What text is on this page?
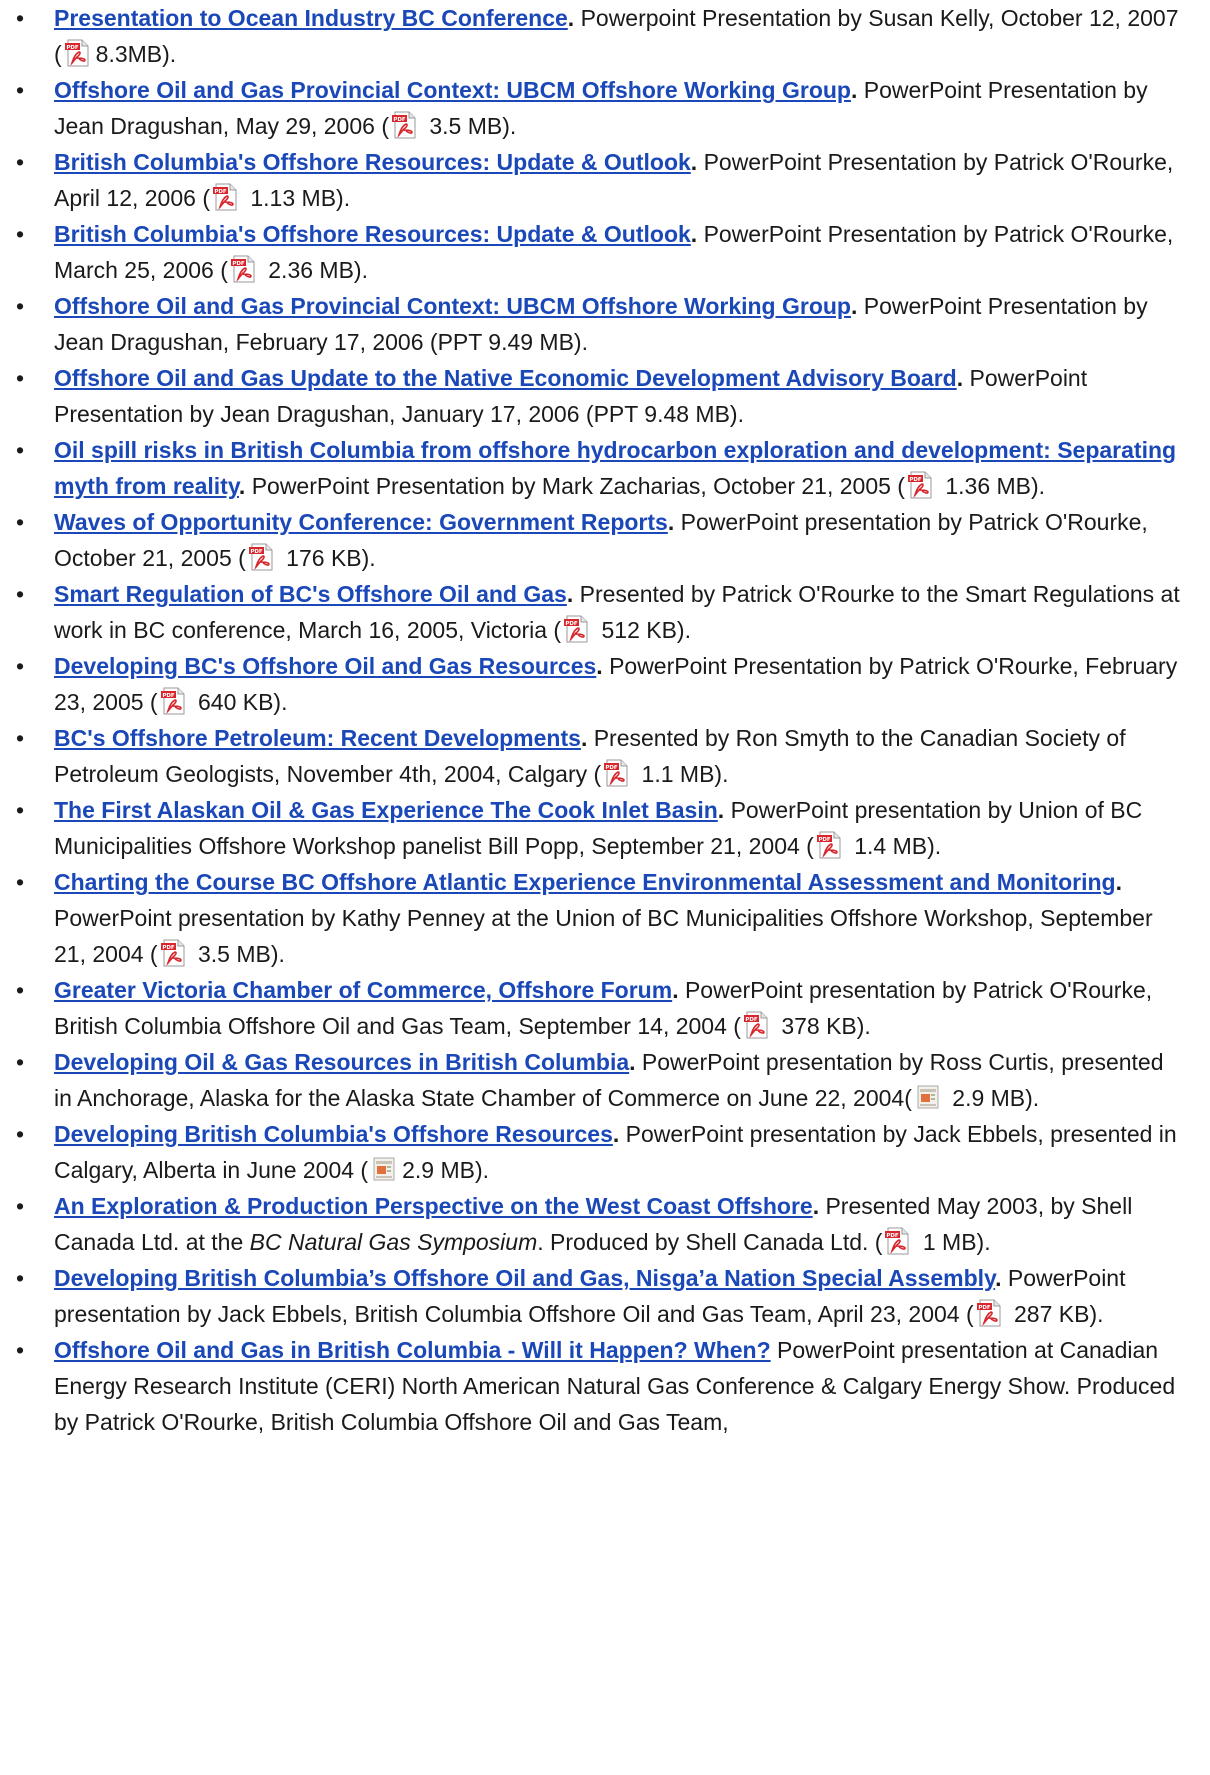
• Presentation to Ocean Industry BC Conference. Powerpoint Presentation by Susan Kelly, October 12, 2007 ( PDF 8.3MB).
• Offshore Oil and Gas Provincial Context: UBCM Offshore Working Group. PowerPoint Presentation by Jean Dragushan, May 29, 2006 ( PDF 3.5 MB).
• British Columbia's Offshore Resources: Update & Outlook. PowerPoint Presentation by Patrick O'Rourke, April 12, 2006 ( PDF 1.13 MB).
• British Columbia's Offshore Resources: Update & Outlook. PowerPoint Presentation by Patrick O'Rourke, March 25, 2006 ( PDF 2.36 MB).
• Offshore Oil and Gas Provincial Context: UBCM Offshore Working Group. PowerPoint Presentation by Jean Dragushan, February 17, 2006 (PPT 9.49 MB).
• Offshore Oil and Gas Update to the Native Economic Development Advisory Board. PowerPoint Presentation by Jean Dragushan, January 17, 2006 (PPT 9.48 MB).
• Oil spill risks in British Columbia from offshore hydrocarbon exploration and development: Separating myth from reality. PowerPoint Presentation by Mark Zacharias, October 21, 2005 ( PDF 1.36 MB).
• Waves of Opportunity Conference: Government Reports. PowerPoint presentation by Patrick O'Rourke, October 21, 2005 ( PDF 176 KB).
• Smart Regulation of BC's Offshore Oil and Gas. Presented by Patrick O'Rourke to the Smart Regulations at work in BC conference, March 16, 2005, Victoria ( PDF 512 KB).
• Developing BC's Offshore Oil and Gas Resources. PowerPoint Presentation by Patrick O'Rourke, February 23, 2005 ( PDF 640 KB).
• BC's Offshore Petroleum: Recent Developments. Presented by Ron Smyth to the Canadian Society of Petroleum Geologists, November 4th, 2004, Calgary ( PDF 1.1 MB).
• The First Alaskan Oil & Gas Experience The Cook Inlet Basin. PowerPoint presentation by Union of BC Municipalities Offshore Workshop panelist Bill Popp, September 21, 2004 ( PDF 1.4 MB).
• Charting the Course BC Offshore Atlantic Experience Environmental Assessment and Monitoring. PowerPoint presentation by Kathy Penney at the Union of BC Municipalities Offshore Workshop, September 21, 2004 ( PDF 3.5 MB).
• Greater Victoria Chamber of Commerce, Offshore Forum. PowerPoint presentation by Patrick O'Rourke, British Columbia Offshore Oil and Gas Team, September 14, 2004 ( PDF 378 KB).
• Developing Oil & Gas Resources in British Columbia. PowerPoint presentation by Ross Curtis, presented in Anchorage, Alaska for the Alaska State Chamber of Commerce on June 22, 2004( 2.9 MB).
• Developing British Columbia's Offshore Resources. PowerPoint presentation by Jack Ebbels, presented in Calgary, Alberta in June 2004 ( 2.9 MB).
• An Exploration & Production Perspective on the West Coast Offshore. Presented May 2003, by Shell Canada Ltd. at the BC Natural Gas Symposium. Produced by Shell Canada Ltd. ( PDF 1 MB).
• Developing British Columbia’s Offshore Oil and Gas, Nisga’a Nation Special Assembly. PowerPoint presentation by Jack Ebbels, British Columbia Offshore Oil and Gas Team, April 23, 2004 ( PDF 287 KB).
• Offshore Oil and Gas in British Columbia - Will it Happen? When? PowerPoint presentation at Canadian Energy Research Institute (CERI) North American Natural Gas Conference & Calgary Energy Show. Produced by Patrick O'Rourke, British Columbia Offshore Oil and Gas Team,
